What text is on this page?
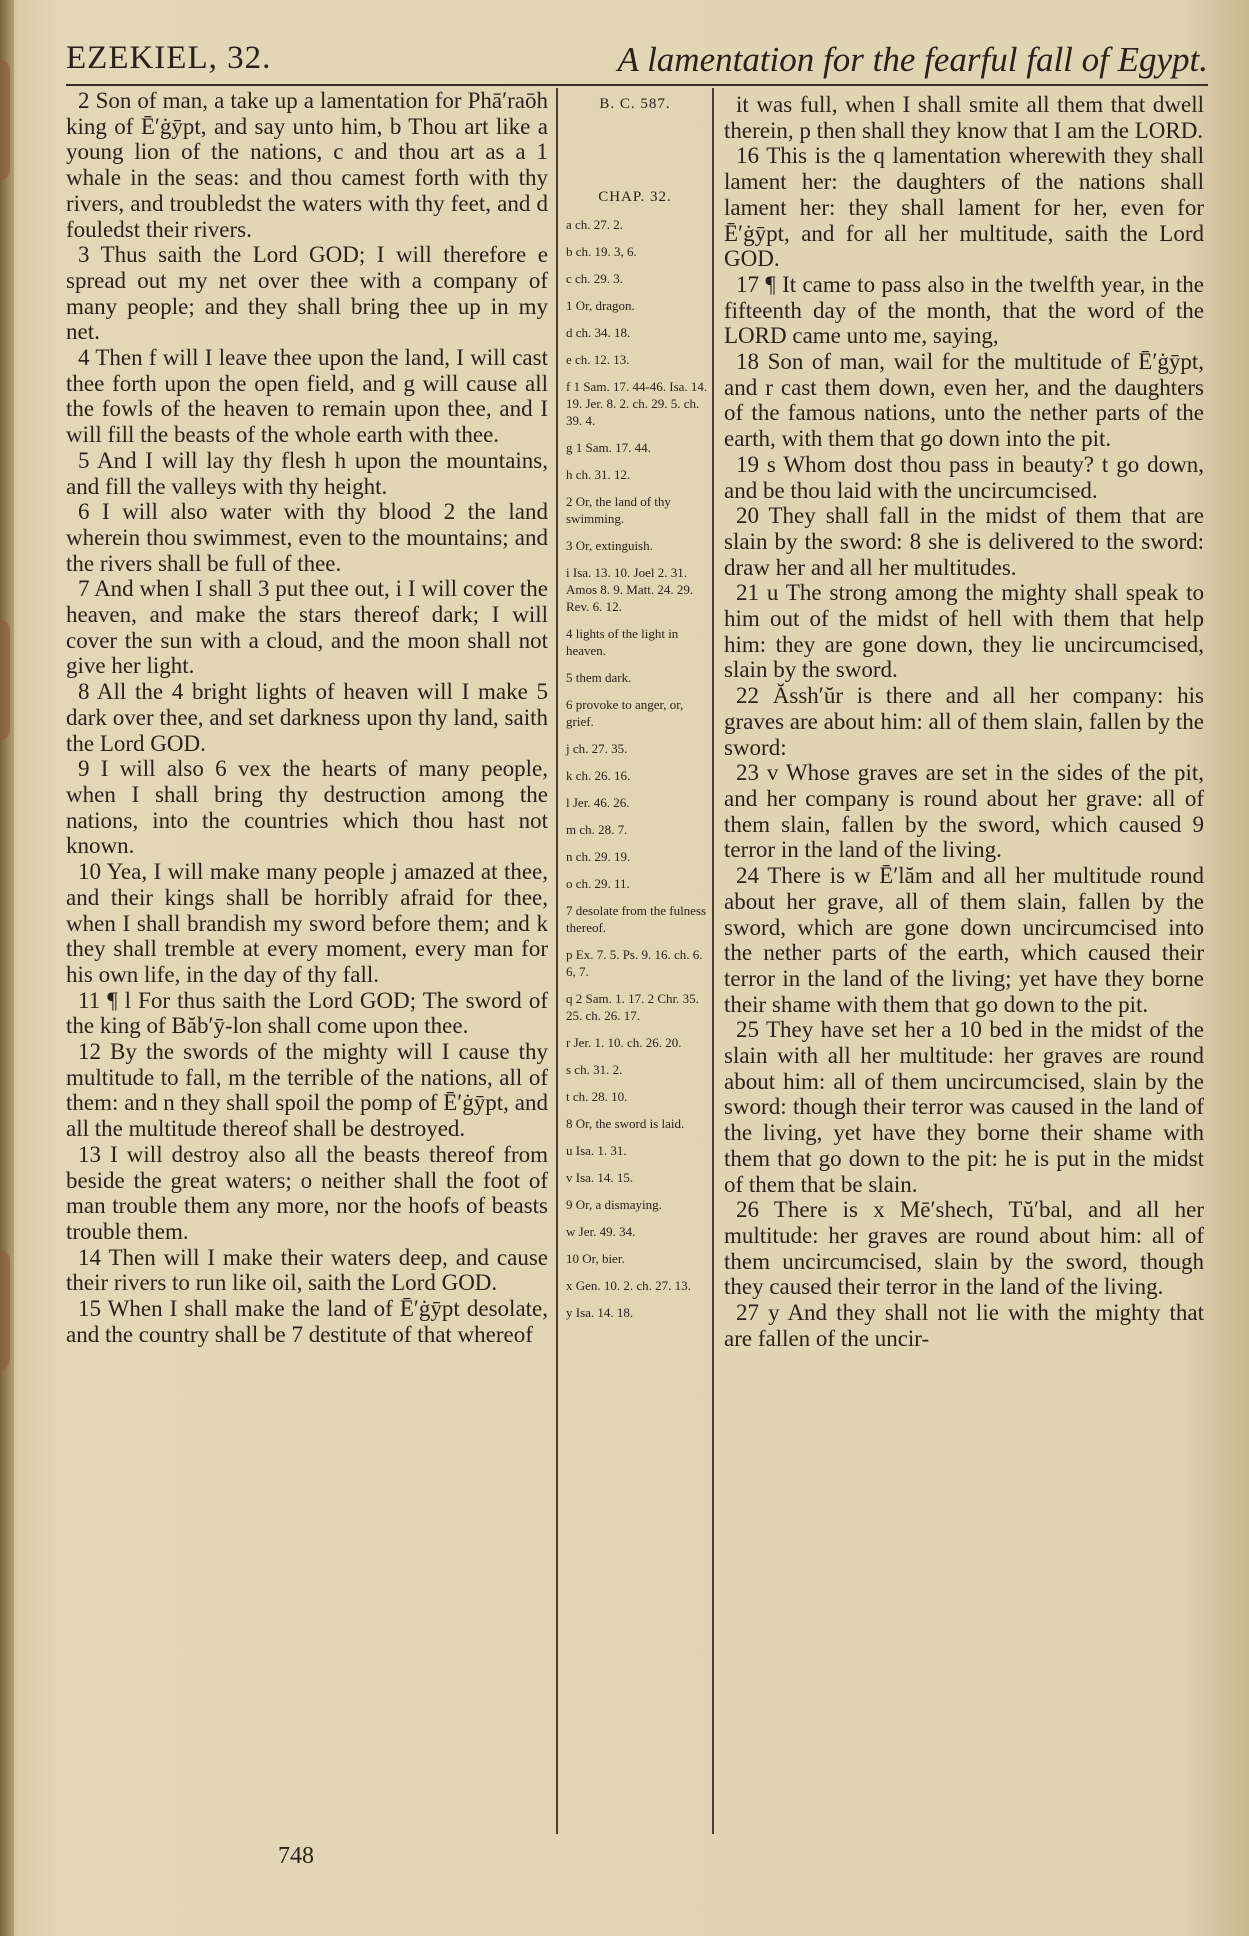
EZEKIEL, 32.	A lamentation for the fearful fall of Egypt.

2 Son of man, a take up a lamentation for Phā′raōh king of Ē′ġȳpt, and say unto him, b Thou art like a young lion of the nations, c and thou art as a 1 whale in the seas: and thou camest forth with thy rivers, and troubledst the waters with thy feet, and d fouledst their rivers.

3 Thus saith the Lord GOD; I will therefore e spread out my net over thee with a company of many people; and they shall bring thee up in my net.

4 Then f will I leave thee upon the land, I will cast thee forth upon the open field, and g will cause all the fowls of the heaven to remain upon thee, and I will fill the beasts of the whole earth with thee.

5 And I will lay thy flesh h upon the mountains, and fill the valleys with thy height.

6 I will also water with thy blood 2 the land wherein thou swimmest, even to the mountains; and the rivers shall be full of thee.

7 And when I shall 3 put thee out, i I will cover the heaven, and make the stars thereof dark; I will cover the sun with a cloud, and the moon shall not give her light.

8 All the 4 bright lights of heaven will I make 5 dark over thee, and set darkness upon thy land, saith the Lord GOD.

9 I will also 6 vex the hearts of many people, when I shall bring thy destruction among the nations, into the countries which thou hast not known.

10 Yea, I will make many people j amazed at thee, and their kings shall be horribly afraid for thee, when I shall brandish my sword before them; and k they shall tremble at every moment, every man for his own life, in the day of thy fall.

11 ¶ l For thus saith the Lord GOD; The sword of the king of Băb′ȳ-lon shall come upon thee.

12 By the swords of the mighty will I cause thy multitude to fall, m the terrible of the nations, all of them: and n they shall spoil the pomp of Ē′ġȳpt, and all the multitude thereof shall be destroyed.

13 I will destroy also all the beasts thereof from beside the great waters; o neither shall the foot of man trouble them any more, nor the hoofs of beasts trouble them.

14 Then will I make their waters deep, and cause their rivers to run like oil, saith the Lord GOD.

15 When I shall make the land of Ē′ġȳpt desolate, and the country shall be 7 destitute of that whereof

B. C. 587.
CHAP. 32.
a ch. 27. 2.
b ch. 19. 3, 6.
c ch. 29. 3.
1 Or, dragon.
d ch. 34. 18.
e ch. 12. 13.
f 1 Sam. 17. 44-46. Isa. 14. 19. Jer. 8. 2. ch. 29. 5. ch. 39. 4.
g 1 Sam. 17. 44.
h ch. 31. 12.
2 Or, the land of thy swimming.
3 Or, extinguish.
i Isa. 13. 10. Joel 2. 31. Amos 8. 9. Matt. 24. 29. Rev. 6. 12.
4 lights of the light in heaven.
5 them dark.
6 provoke to anger, or, grief.
j ch. 27. 35.
k ch. 26. 16.
l Jer. 46. 26.
m ch. 28. 7.
n ch. 29. 19.
o ch. 29. 11.
7 desolate from the fulness thereof.
p Ex. 7. 5. Ps. 9. 16. ch. 6. 6, 7.
q 2 Sam. 1. 17. 2 Chr. 35. 25. ch. 26. 17.
r Jer. 1. 10. ch. 26. 20.
s ch. 31. 2.
t ch. 28. 10.
8 Or, the sword is laid.
u Isa. 1. 31.
v Isa. 14. 15.
9 Or, a dismaying.
w Jer. 49. 34.
10 Or, bier.
x Gen. 10. 2. ch. 27. 13.
y Isa. 14. 18.

it was full, when I shall smite all them that dwell therein, p then shall they know that I am the LORD.

16 This is the q lamentation wherewith they shall lament her: the daughters of the nations shall lament her: they shall lament for her, even for Ē′ġȳpt, and for all her multitude, saith the Lord GOD.

17 ¶ It came to pass also in the twelfth year, in the fifteenth day of the month, that the word of the LORD came unto me, saying,

18 Son of man, wail for the multitude of Ē′ġȳpt, and r cast them down, even her, and the daughters of the famous nations, unto the nether parts of the earth, with them that go down into the pit.

19 s Whom dost thou pass in beauty? t go down, and be thou laid with the uncircumcised.

20 They shall fall in the midst of them that are slain by the sword: 8 she is delivered to the sword: draw her and all her multitudes.

21 u The strong among the mighty shall speak to him out of the midst of hell with them that help him: they are gone down, they lie uncircumcised, slain by the sword.

22 Ăssh′ŭr is there and all her company: his graves are about him: all of them slain, fallen by the sword:

23 v Whose graves are set in the sides of the pit, and her company is round about her grave: all of them slain, fallen by the sword, which caused 9 terror in the land of the living.

24 There is w Ē′lăm and all her multitude round about her grave, all of them slain, fallen by the sword, which are gone down uncircumcised into the nether parts of the earth, which caused their terror in the land of the living; yet have they borne their shame with them that go down to the pit.

25 They have set her a 10 bed in the midst of the slain with all her multitude: her graves are round about him: all of them uncircumcised, slain by the sword: though their terror was caused in the land of the living, yet have they borne their shame with them that go down to the pit: he is put in the midst of them that be slain.

26 There is x Mē′shech, Tŭ′bal, and all her multitude: her graves are round about him: all of them uncircumcised, slain by the sword, though they caused their terror in the land of the living.

27 y And they shall not lie with the mighty that are fallen of the uncir-

748
